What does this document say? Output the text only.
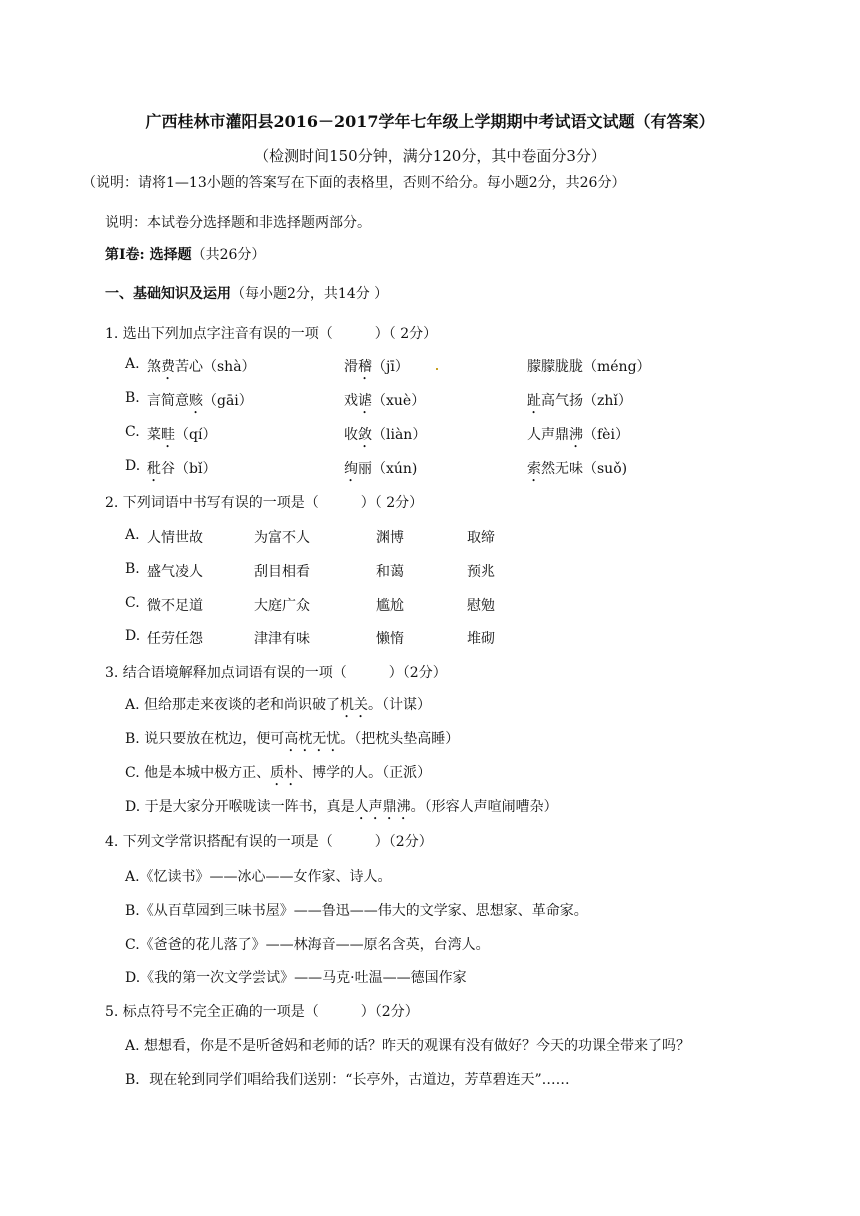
广西桂林市灌阳县2016－2017学年七年级上学期期中考试语文试题（有答案）
（检测时间150分钟，满分120分，其中卷面分3分）
（说明：请将1—13小题的答案写在下面的表格里，否则不给分。每小题2分，共26分）
说明：本试卷分选择题和非选择题两部分。
第Ⅰ卷: 选择题（共26分）
一、基础知识及运用（每小题2分，共14分 ）
1. 选出下列加点字注音有误的一项（　　　）（ 2分）
A. 煞费苦心（shà）	滑稽（jī）	朦朦胧胧（méng）
B. 言简意赅（gāi）	戏谑（xuè）	趾高气扬（zhǐ）
C. 菜畦（qí）	收敛（liàn）	人声鼎沸（fèi）
D. 秕谷（bǐ）	绚丽（xún)	索然无味（suǒ)
2. 下列词语中书写有误的一项是（　　　）（ 2分）
A. 人情世故	为富不人	渊博	取缔
B. 盛气凌人	刮目相看	和蔼	预兆
C. 微不足道	大庭广众	尴尬	慰勉
D. 任劳任怨	津津有味	懒惰	堆砌
3. 结合语境解释加点词语有误的一项（　　　）（2分）
A. 但给那走来夜谈的老和尚识破了机关。（计谋）
B. 说只要放在枕边，便可高枕无忧。（把枕头垫高睡）
C. 他是本城中极方正、质朴、博学的人。（正派）
D. 于是大家分开喉咙读一阵书，真是人声鼎沸。（形容人声喧闹嘈杂）
4. 下列文学常识搭配有误的一项是（　　　）（2分）
A.《忆读书》——冰心——女作家、诗人。
B.《从百草园到三味书屋》——鲁迅——伟大的文学家、思想家、革命家。
C.《爸爸的花儿落了》——林海音——原名含英，台湾人。
D.《我的第一次文学尝试》——马克·吐温——德国作家
5. 标点符号不完全正确的一项是（　　　）（2分）
A. 想想看，你是不是听爸妈和老师的话？昨天的观课有没有做好？今天的功课全带来了吗？
B．现在轮到同学们唱给我们送别：“长亭外，古道边，芳草碧连天”……
